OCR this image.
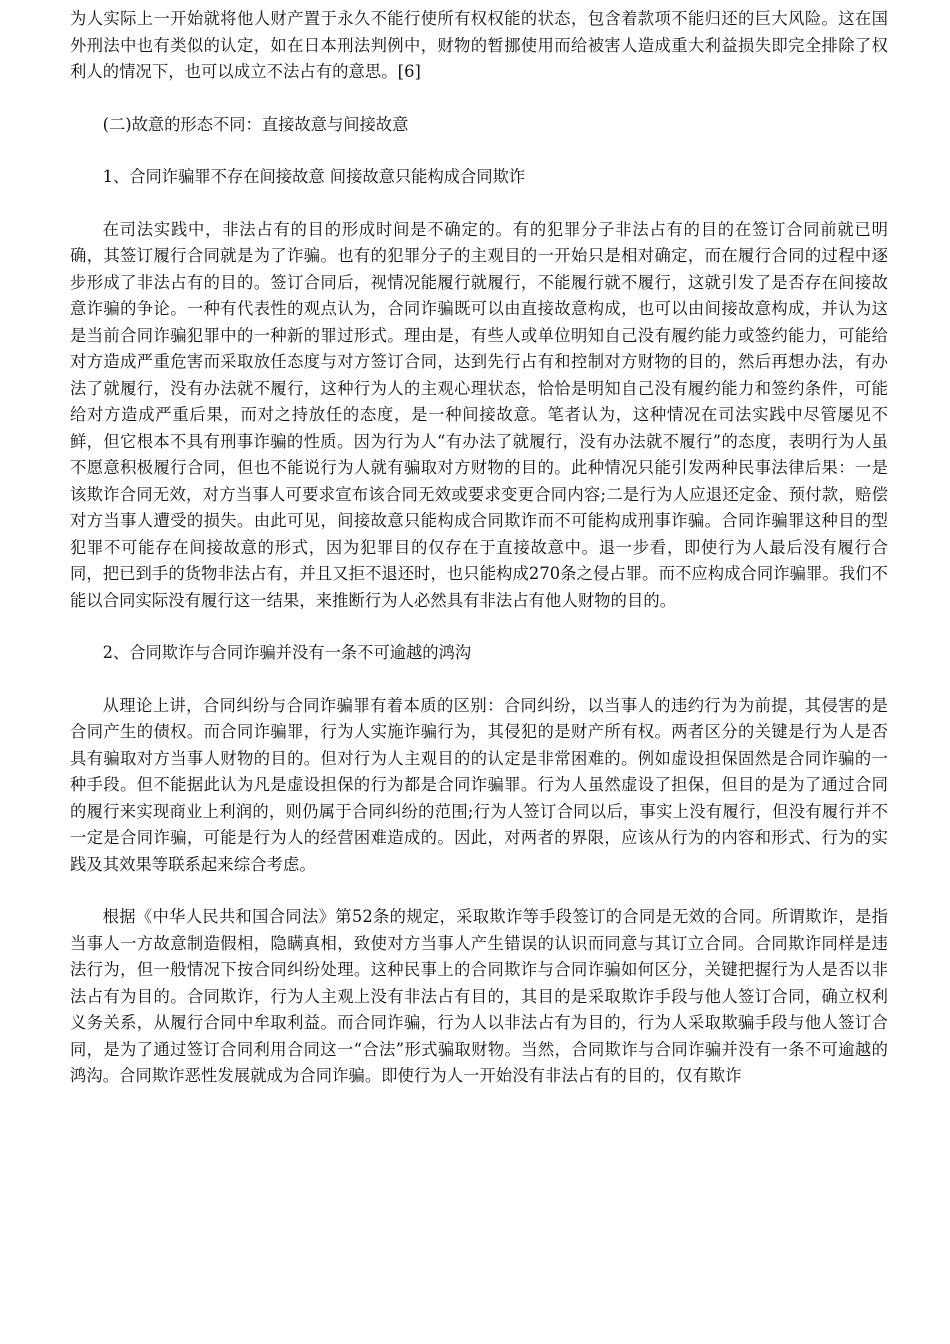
为人实际上一开始就将他人财产置于永久不能行使所有权权能的状态，包含着款项不能归还的巨大风险。这在国外刑法中也有类似的认定，如在日本刑法判例中，财物的暂挪使用而给被害人造成重大利益损失即完全排除了权利人的情况下，也可以成立不法占有的意思。[6]

(二)故意的形态不同：直接故意与间接故意

1、合同诈骗罪不存在间接故意 间接故意只能构成合同欺诈

在司法实践中，非法占有的目的形成时间是不确定的。有的犯罪分子非法占有的目的在签订合同前就已明确，其签订履行合同就是为了诈骗。也有的犯罪分子的主观目的一开始只是相对确定，而在履行合同的过程中逐步形成了非法占有的目的。签订合同后，视情况能履行就履行，不能履行就不履行，这就引发了是否存在间接故意诈骗的争论。一种有代表性的观点认为，合同诈骗既可以由直接故意构成，也可以由间接故意构成，并认为这是当前合同诈骗犯罪中的一种新的罪过形式。理由是，有些人或单位明知自己没有履约能力或签约能力，可能给对方造成严重危害而采取放任态度与对方签订合同，达到先行占有和控制对方财物的目的，然后再想办法，有办法了就履行，没有办法就不履行，这种行为人的主观心理状态，恰恰是明知自己没有履约能力和签约条件，可能给对方造成严重后果，而对之持放任的态度，是一种间接故意。笔者认为，这种情况在司法实践中尽管屡见不鲜，但它根本不具有刑事诈骗的性质。因为行为人“有办法了就履行，没有办法就不履行”的态度，表明行为人虽不愿意积极履行合同，但也不能说行为人就有骗取对方财物的目的。此种情况只能引发两种民事法律后果：一是该欺诈合同无效，对方当事人可要求宣布该合同无效或要求变更合同内容;二是行为人应退还定金、预付款，赔偿对方当事人遭受的损失。由此可见，间接故意只能构成合同欺诈而不可能构成刑事诈骗。合同诈骗罪这种目的型犯罪不可能存在间接故意的形式，因为犯罪目的仅存在于直接故意中。退一步看，即使行为人最后没有履行合同，把已到手的货物非法占有，并且又拒不退还时，也只能构成270条之侵占罪。而不应构成合同诈骗罪。我们不能以合同实际没有履行这一结果，来推断行为人必然具有非法占有他人财物的目的。

2、合同欺诈与合同诈骗并没有一条不可逾越的鸿沟

从理论上讲，合同纠纷与合同诈骗罪有着本质的区别：合同纠纷，以当事人的违约行为为前提，其侵害的是合同产生的债权。而合同诈骗罪，行为人实施诈骗行为，其侵犯的是财产所有权。两者区分的关键是行为人是否具有骗取对方当事人财物的目的。但对行为人主观目的的认定是非常困难的。例如虚设担保固然是合同诈骗的一种手段。但不能据此认为凡是虚设担保的行为都是合同诈骗罪。行为人虽然虚设了担保，但目的是为了通过合同的履行来实现商业上利润的，则仍属于合同纠纷的范围;行为人签订合同以后，事实上没有履行，但没有履行并不一定是合同诈骗，可能是行为人的经营困难造成的。因此，对两者的界限，应该从行为的内容和形式、行为的实践及其效果等联系起来综合考虑。

根据《中华人民共和国合同法》第52条的规定，采取欺诈等手段签订的合同是无效的合同。所谓欺诈，是指当事人一方故意制造假相，隐瞒真相，致使对方当事人产生错误的认识而同意与其订立合同。合同欺诈同样是违法行为，但一般情况下按合同纠纷处理。这种民事上的合同欺诈与合同诈骗如何区分，关键把握行为人是否以非法占有为目的。合同欺诈，行为人主观上没有非法占有目的，其目的是采取欺诈手段与他人签订合同，确立权利义务关系，从履行合同中牟取利益。而合同诈骗，行为人以非法占有为目的，行为人采取欺骗手段与他人签订合同，是为了通过签订合同利用合同这一“合法”形式骗取财物。当然，合同欺诈与合同诈骗并没有一条不可逾越的鸿沟。合同欺诈恶性发展就成为合同诈骗。即使行为人一开始没有非法占有的目的，仅有欺诈
